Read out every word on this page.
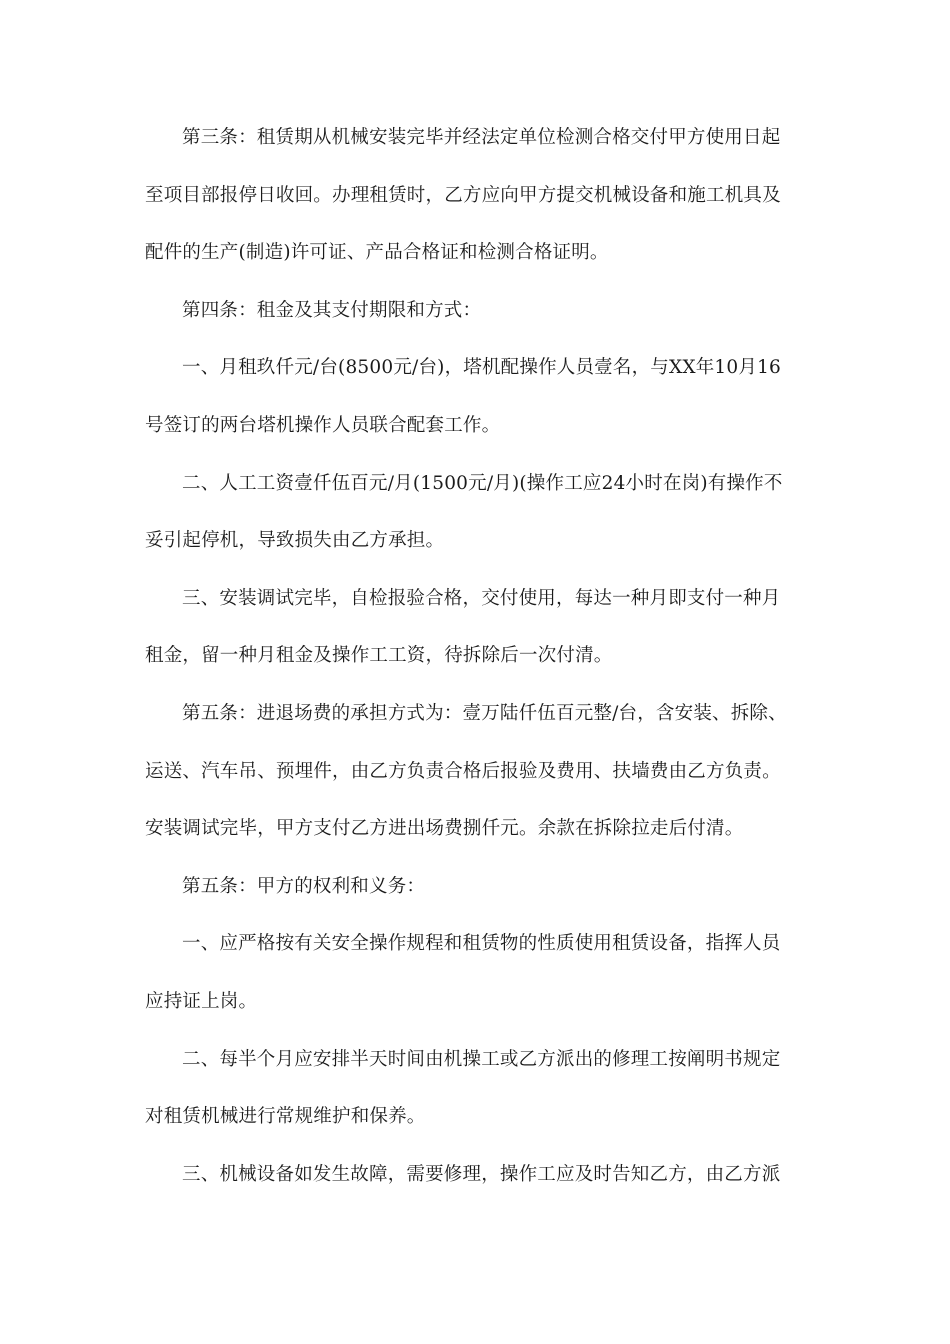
第三条：租赁期从机械安装完毕并经法定单位检测合格交付甲方使用日起
至项目部报停日收回。办理租赁时，乙方应向甲方提交机械设备和施工机具及
配件的生产(制造)许可证、产品合格证和检测合格证明。
第四条：租金及其支付期限和方式：
一、月租玖仟元/台(8500元/台)，塔机配操作人员壹名，与XX年10月16
号签订的两台塔机操作人员联合配套工作。
二、人工工资壹仟伍百元/月(1500元/月)(操作工应24小时在岗)有操作不
妥引起停机，导致损失由乙方承担。
三、安装调试完毕，自检报验合格，交付使用，每达一种月即支付一种月
租金，留一种月租金及操作工工资，待拆除后一次付清。
第五条：进退场费的承担方式为：壹万陆仟伍百元整/台，含安装、拆除、
运送、汽车吊、预埋件，由乙方负责合格后报验及费用、扶墙费由乙方负责。
安装调试完毕，甲方支付乙方进出场费捌仟元。余款在拆除拉走后付清。
第五条：甲方的权利和义务：
一、应严格按有关安全操作规程和租赁物的性质使用租赁设备，指挥人员
应持证上岗。
二、每半个月应安排半天时间由机操工或乙方派出的修理工按阐明书规定
对租赁机械进行常规维护和保养。
三、机械设备如发生故障，需要修理，操作工应及时告知乙方，由乙方派
